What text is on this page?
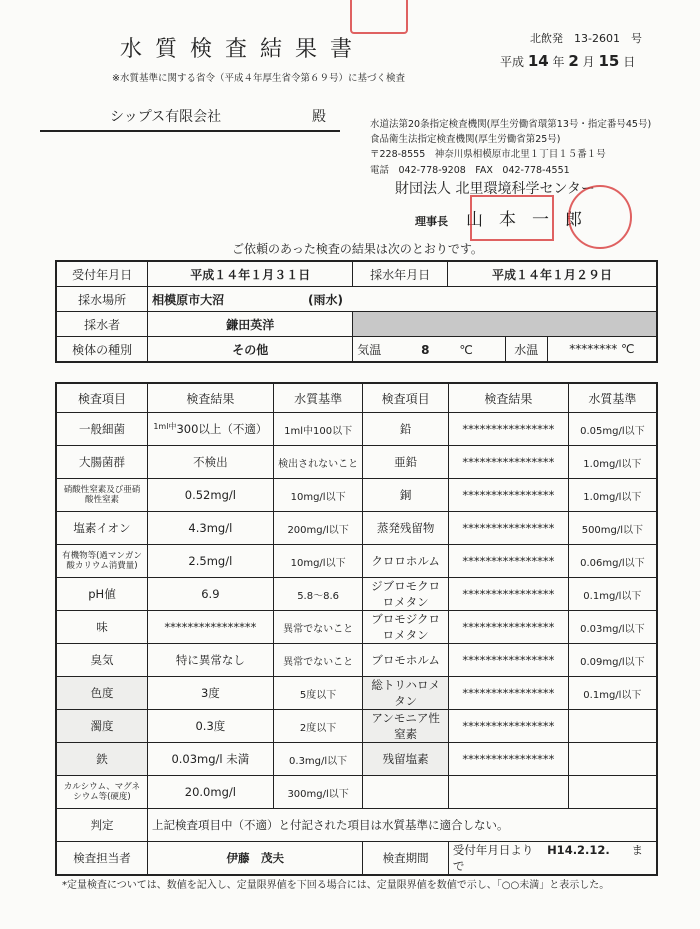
水質検査結果書
※水質基準に関する省令（平成４年厚生省令第６９号）に基づく検査
北飲発　13-2601　号
平成 14 年 2 月 15 日
シップス有限会社	殿	水道法第20条指定検査機関(厚生労働省環第13号・指定番号45号)
食品衛生法指定検査機関(厚生労働省第25号)
〒228-8555　神奈川県相模原市北里１丁目１５番１号
電話　042-778-9208　FAX　042-778-4551
財団法人 北里環境科学センター
理事長 山本一郎
ご依頼のあった検査の結果は次のとおりです。
受付年月日	平成１４年１月３１日	採水年月日	平成１４年１月２９日		
採水場所	相模原市大沼 (雨水)				
採水者	鎌田英洋				
検体の種別	その他	気温 8 ℃		水温	******** ℃
検査項目	検査結果	水質基準	検査項目	検査結果	水質基準
一般細菌	$^{1ml中}$300以上（不適）	1ml中100以下	鉛	****************	0.05mg/l以下
大腸菌群	不検出	検出されないこと	亜鉛	****************	1.0mg/l以下
硝酸性窒素及び亜硝酸性窒素	0.52mg/l	10mg/l以下	銅	****************	1.0mg/l以下
塩素イオン	4.3mg/l	200mg/l以下	蒸発残留物	****************	500mg/l以下
有機物等(過マンガン酸カリウム消費量)	2.5mg/l	10mg/l以下	クロロホルム	****************	0.06mg/l以下
pH値	6.9	5.8～8.6	ジブロモクロロメタン	****************	0.1mg/l以下
味	****************	異常でないこと	ブロモジクロロメタン	****************	0.03mg/l以下
臭気	特に異常なし	異常でないこと	ブロモホルム	****************	0.09mg/l以下
色度	3度	5度以下	総トリハロメタン	****************	0.1mg/l以下
濁度	0.3度	2度以下	アンモニア性窒素	****************	
鉄	0.03mg/l 未満	0.3mg/l以下	残留塩素	****************	
カルシウム、マグネシウム等(硬度)	20.0mg/l	300mg/l以下			
判定	上記検査項目中（不適）と付記された項目は水質基準に適合しない。				
検査担当者	伊藤　茂夫		検査期間	受付年月日より H14.2.12. まで	
*定量検査については、数値を記入し、定量限界値を下回る場合には、定量限界値を数値で示し、「○○未満」と表示した。
